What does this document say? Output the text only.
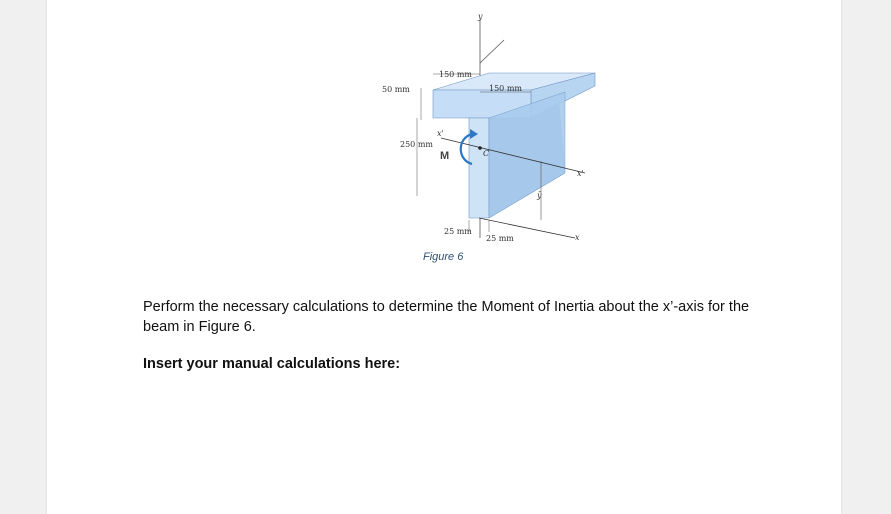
y
x'
x'
x
C
ȳ
M
150 mm
150 mm
50 mm
250 mm
25 mm
25 mm
Figure 6
Perform the necessary calculations to determine the Moment of Inertia about the x’-axis for the beam in Figure 6.
Insert your manual calculations here:
